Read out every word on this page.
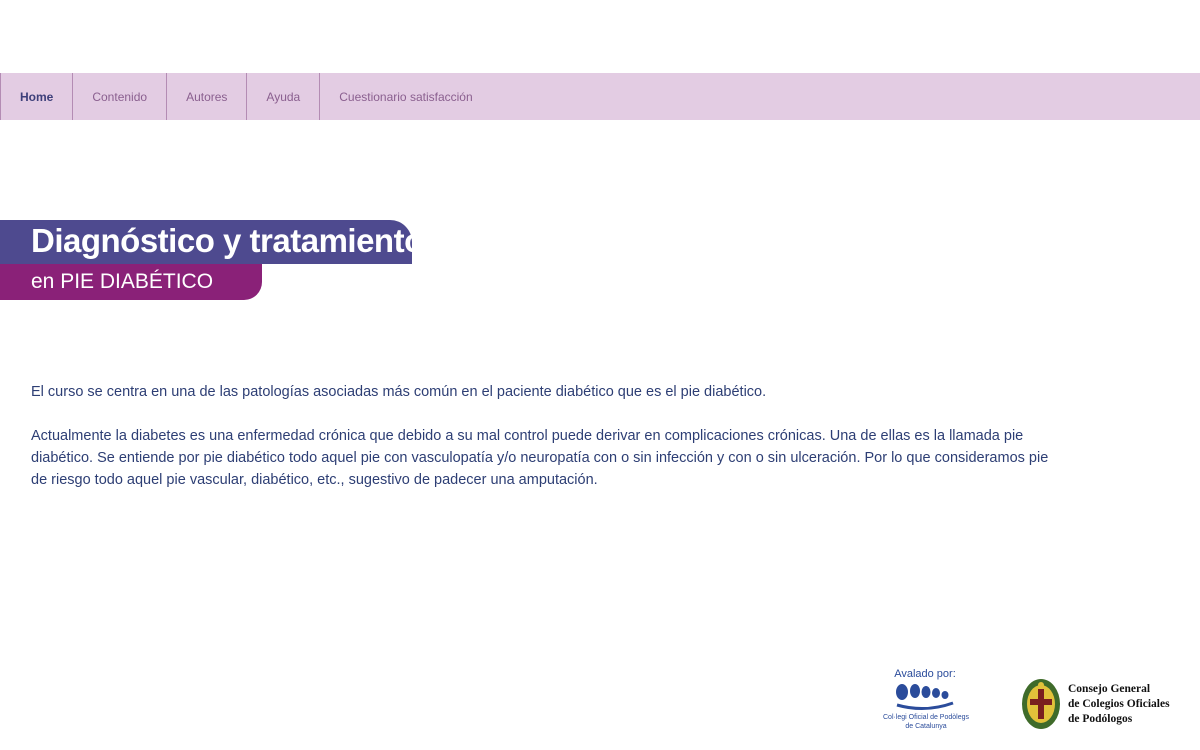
Home	Contenido	Autores	Ayuda	Cuestionario satisfacción
Diagnóstico y tratamiento
en PIE DIABÉTICO

El curso se centra en una de las patologías asociadas más común en el paciente diabético que es el pie diabético.

Actualmente la diabetes es una enfermedad crónica que debido a su mal control puede derivar en complicaciones crónicas. Una de ellas es la llamada pie diabético. Se entiende por pie diabético todo aquel pie con vasculopatía y/o neuropatía con o sin infección y con o sin ulceración. Por lo que consideramos pie de riesgo todo aquel pie vascular, diabético, etc., sugestivo de padecer una amputación.

Avalado por:
Col·legi Oficial de Podòlegs
de Catalunya
Consejo General
de Colegios Oficiales
de Podólogos
